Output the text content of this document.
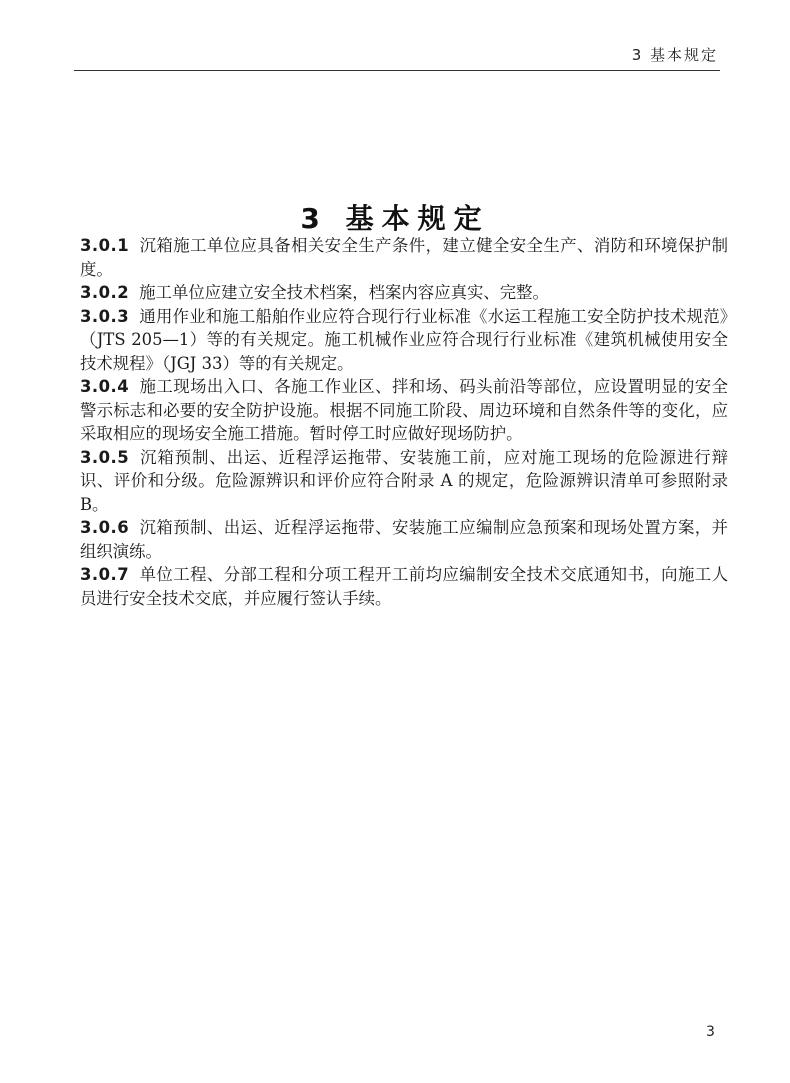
3 基本规定
3 基本规定

3.0.1 沉箱施工单位应具备相关安全生产条件，建立健全安全生产、消防和环境保护制度。

3.0.2 施工单位应建立安全技术档案，档案内容应真实、完整。

3.0.3 通用作业和施工船舶作业应符合现行行业标准《水运工程施工安全防护技术规范》（JTS 205—1）等的有关规定。施工机械作业应符合现行行业标准《建筑机械使用安全技术规程》（JGJ 33）等的有关规定。

3.0.4 施工现场出入口、各施工作业区、拌和场、码头前沿等部位，应设置明显的安全警示标志和必要的安全防护设施。根据不同施工阶段、周边环境和自然条件等的变化，应采取相应的现场安全施工措施。暂时停工时应做好现场防护。

3.0.5 沉箱预制、出运、近程浮运拖带、安装施工前，应对施工现场的危险源进行辩识、评价和分级。危险源辨识和评价应符合附录 A 的规定，危险源辨识清单可参照附录 B。

3.0.6 沉箱预制、出运、近程浮运拖带、安装施工应编制应急预案和现场处置方案，并组织演练。

3.0.7 单位工程、分部工程和分项工程开工前均应编制安全技术交底通知书，向施工人员进行安全技术交底，并应履行签认手续。

3
